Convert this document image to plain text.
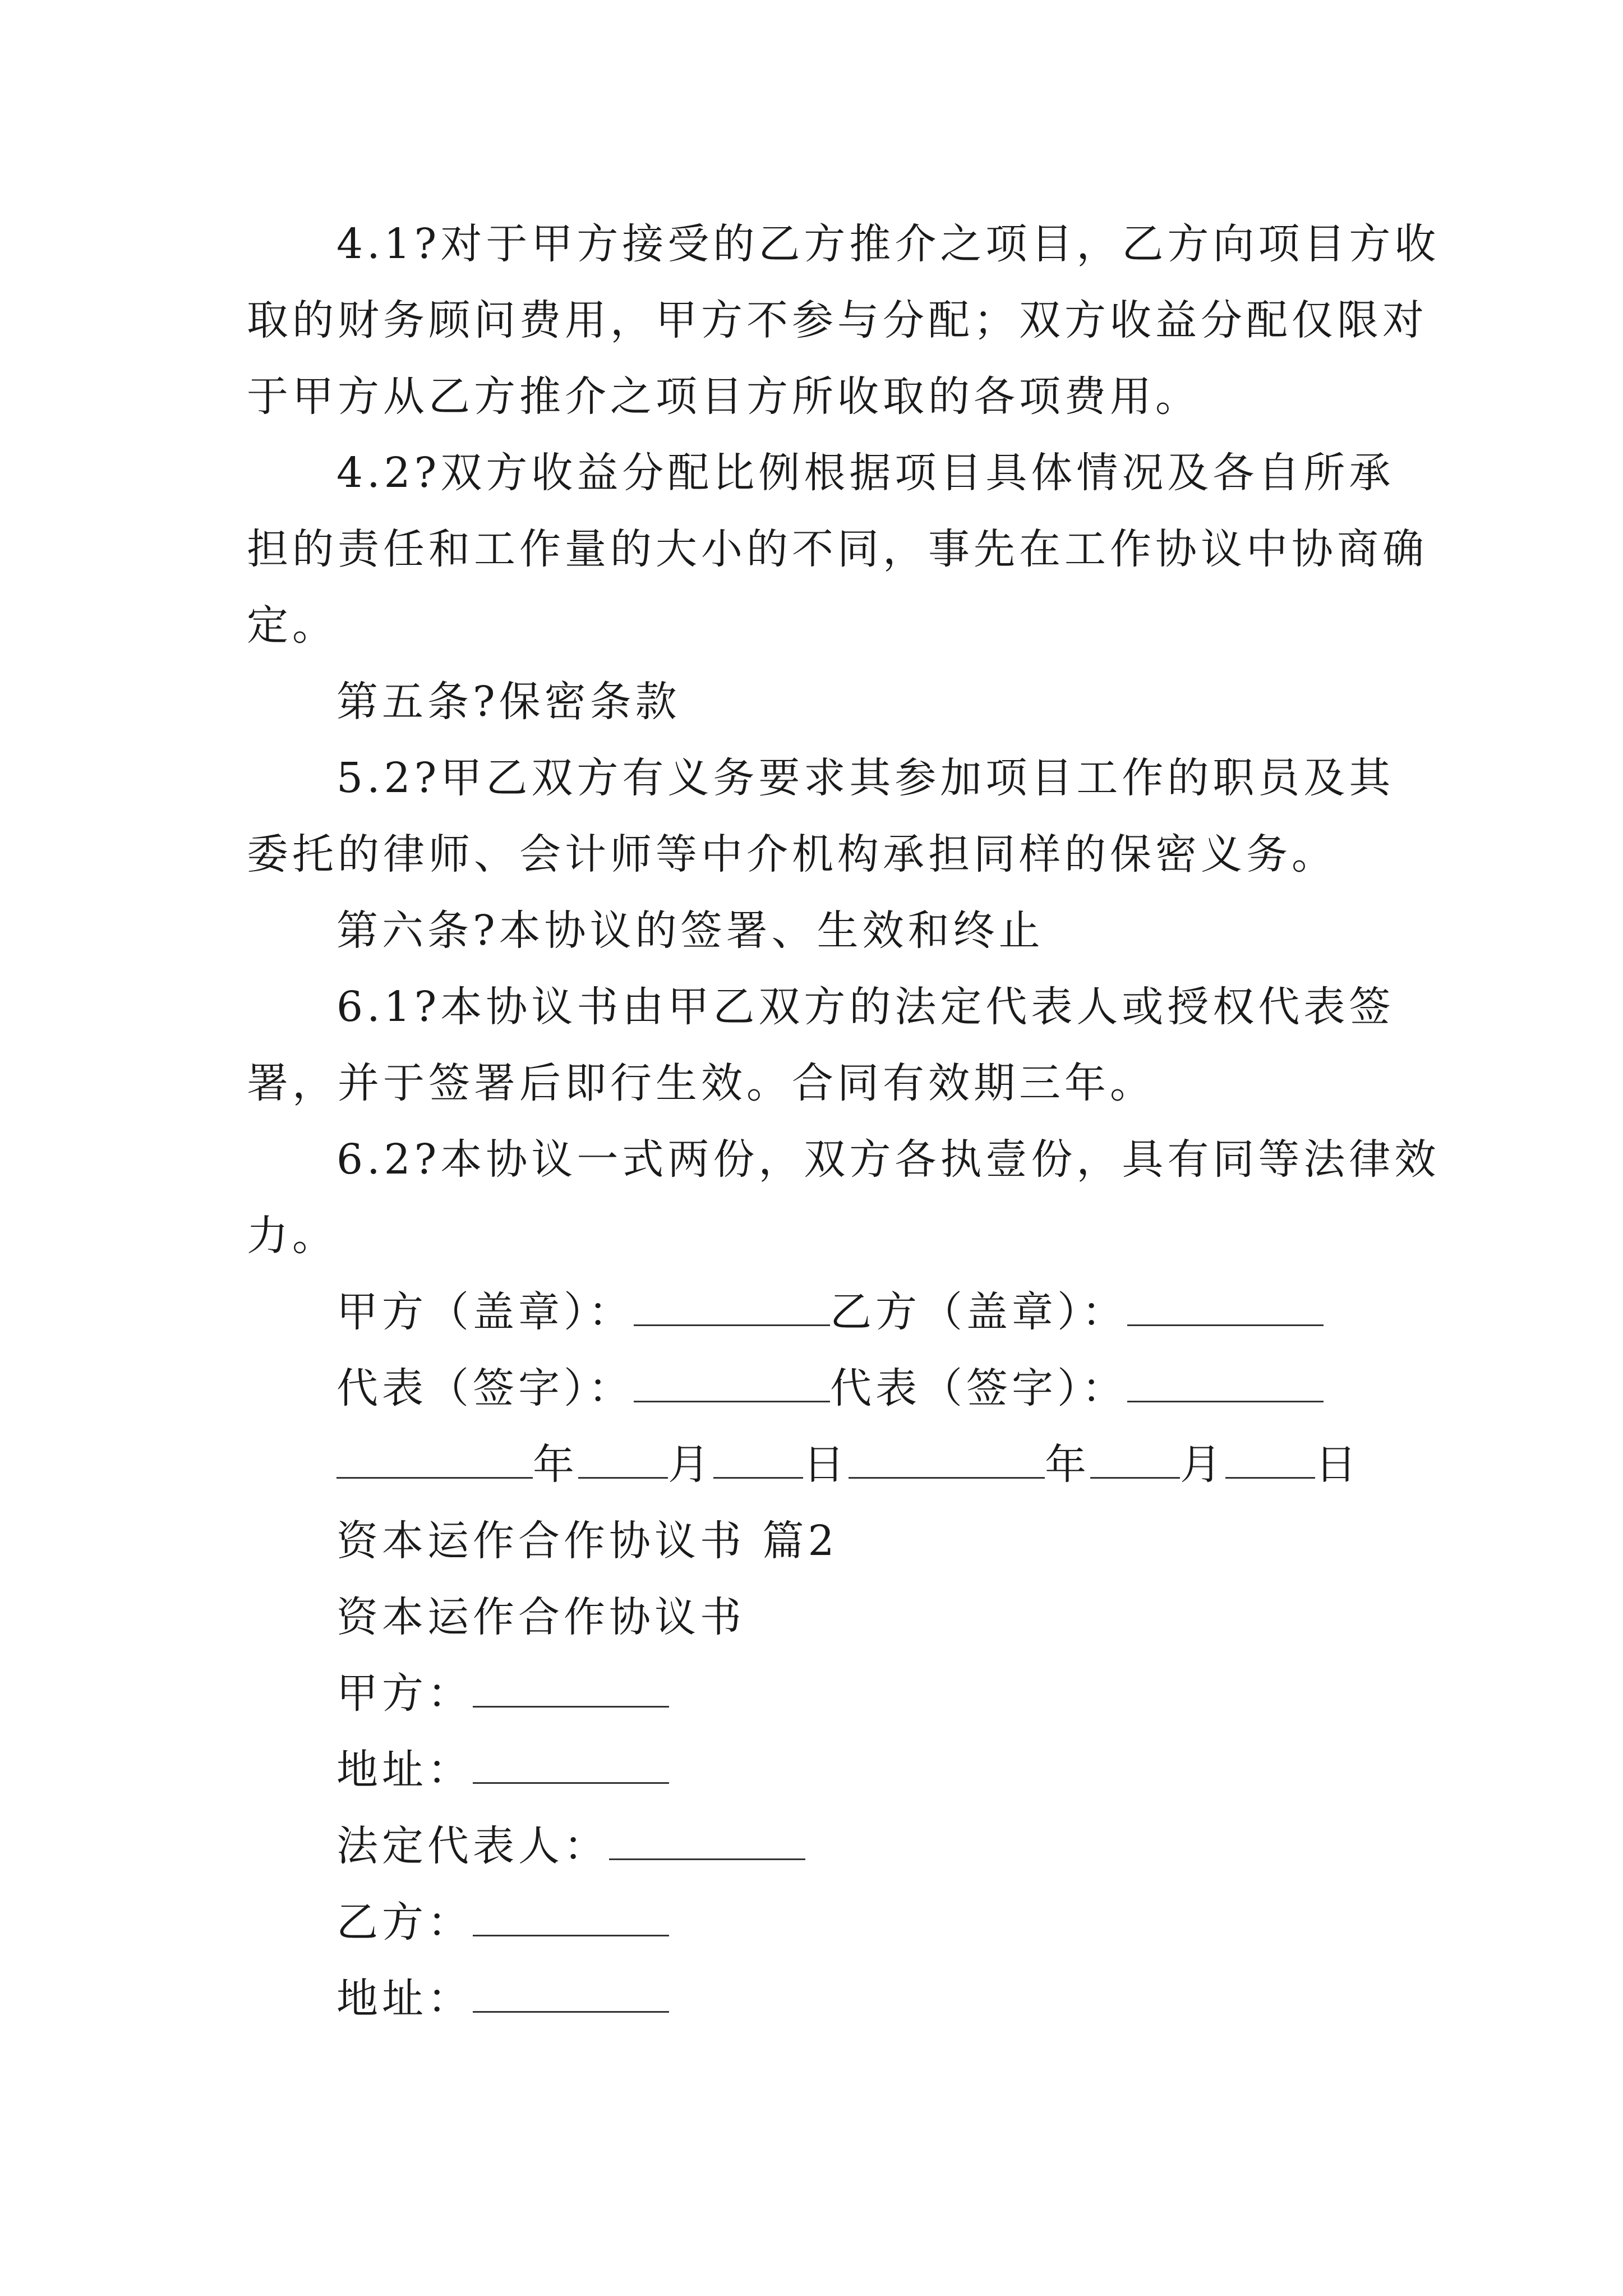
4.1?对于甲方接受的乙方推介之项目，乙方向项目方收
取的财务顾问费用，甲方不参与分配；双方收益分配仅限对
于甲方从乙方推介之项目方所收取的各项费用。
4.2?双方收益分配比例根据项目具体情况及各自所承
担的责任和工作量的大小的不同，事先在工作协议中协商确
定。
第五条?保密条款
5.2?甲乙双方有义务要求其参加项目工作的职员及其
委托的律师、会计师等中介机构承担同样的保密义务。
第六条?本协议的签署、生效和终止
6.1?本协议书由甲乙双方的法定代表人或授权代表签
署，并于签署后即行生效。合同有效期三年。
6.2?本协议一式两份，双方各执壹份，具有同等法律效
力。
甲方（盖章）：	乙方（盖章）：
代表（签字）：	代表（签字）：
年 月 日	年 月 日
资本运作合作协议书 篇2
资本运作合作协议书
甲方：
地址：
法定代表人：
乙方：
地址：
